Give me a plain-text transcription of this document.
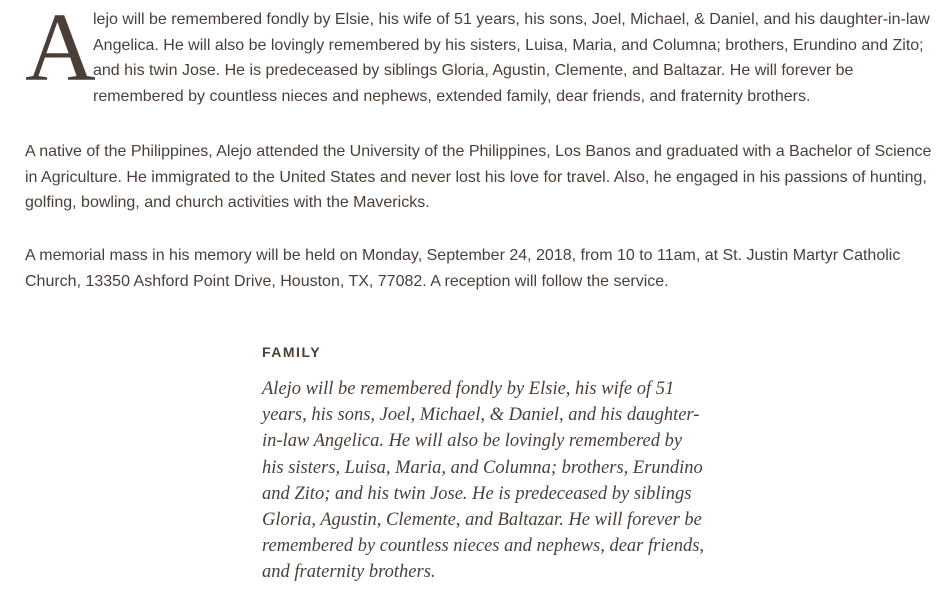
A

lejo will be remembered fondly by Elsie, his wife of 51 years, his sons, Joel, Michael, & Daniel, and his daughter-in-law Angelica. He will also be lovingly remembered by his sisters, Luisa, Maria, and Columna; brothers, Erundino and Zito; and his twin Jose. He is predeceased by siblings Gloria, Agustin, Clemente, and Baltazar. He will forever be remembered by countless nieces and nephews, extended family, dear friends, and fraternity brothers.

A native of the Philippines, Alejo attended the University of the Philippines, Los Banos and graduated with a Bachelor of Science in Agriculture. He immigrated to the United States and never lost his love for travel. Also, he engaged in his passions of hunting, golfing, bowling, and church activities with the Mavericks.

A memorial mass in his memory will be held on Monday, September 24, 2018, from 10 to 11am, at St. Justin Martyr Catholic Church, 13350 Ashford Point Drive, Houston, TX, 77082. A reception will follow the service.

FAMILY

Alejo will be remembered fondly by Elsie, his wife of 51 years, his sons, Joel, Michael, & Daniel, and his daughter-in-law Angelica. He will also be lovingly remembered by his sisters, Luisa, Maria, and Columna; brothers, Erundino and Zito; and his twin Jose. He is predeceased by siblings Gloria, Agustin, Clemente, and Baltazar. He will forever be remembered by countless nieces and nephews, dear friends, and fraternity brothers.
